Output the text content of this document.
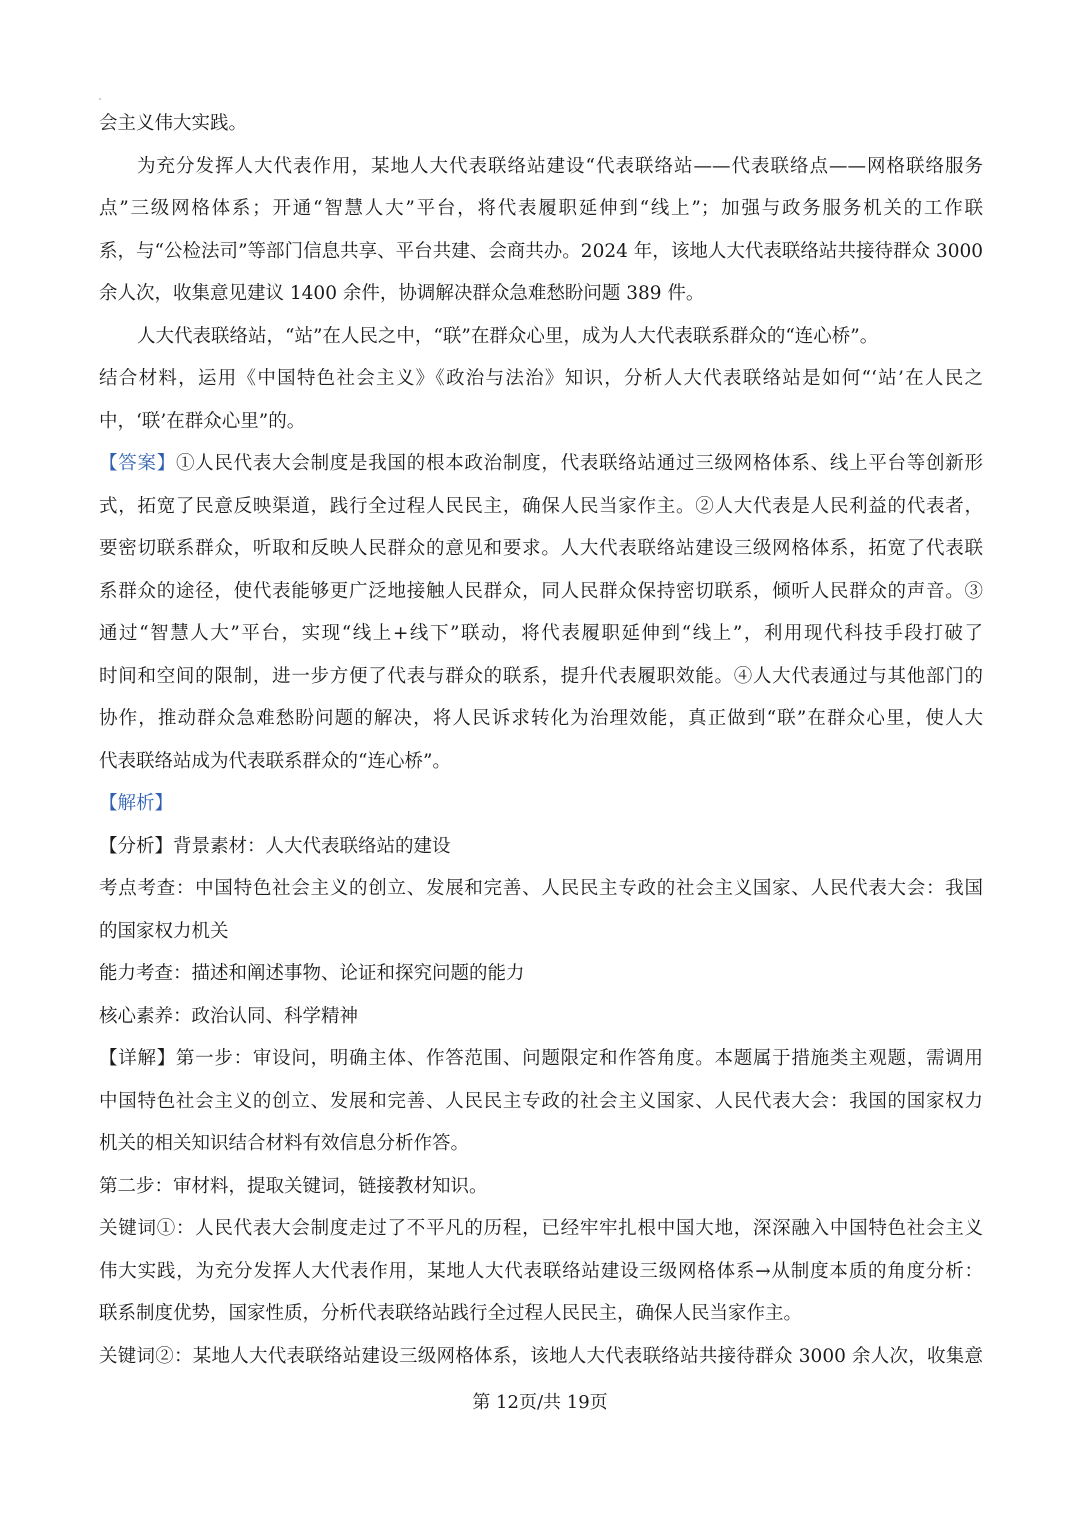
会主义伟大实践。
为充分发挥人大代表作用，某地人大代表联络站建设“代表联络站——代表联络点——网格联络服务
点”三级网格体系；开通“智慧人大”平台，将代表履职延伸到“线上”；加强与政务服务机关的工作联
系，与“公检法司”等部门信息共享、平台共建、会商共办。2024 年，该地人大代表联络站共接待群众 3000
余人次，收集意见建议 1400 余件，协调解决群众急难愁盼问题 389 件。
人大代表联络站，“站”在人民之中，“联”在群众心里，成为人大代表联系群众的“连心桥”。
结合材料，运用《中国特色社会主义》《政治与法治》知识，分析人大代表联络站是如何“‘站’在人民之
中，‘联’在群众心里”的。
【答案】①人民代表大会制度是我国的根本政治制度，代表联络站通过三级网格体系、线上平台等创新形
式，拓宽了民意反映渠道，践行全过程人民民主，确保人民当家作主。②人大代表是人民利益的代表者，
要密切联系群众，听取和反映人民群众的意见和要求。人大代表联络站建设三级网格体系，拓宽了代表联
系群众的途径，使代表能够更广泛地接触人民群众，同人民群众保持密切联系，倾听人民群众的声音。③
通过“智慧人大”平台，实现“线上+线下”联动，将代表履职延伸到“线上”，利用现代科技手段打破了
时间和空间的限制，进一步方便了代表与群众的联系，提升代表履职效能。④人大代表通过与其他部门的
协作，推动群众急难愁盼问题的解决，将人民诉求转化为治理效能，真正做到“联”在群众心里，使人大
代表联络站成为代表联系群众的“连心桥”。
【解析】
【分析】背景素材：人大代表联络站的建设
考点考查：中国特色社会主义的创立、发展和完善、人民民主专政的社会主义国家、人民代表大会：我国
的国家权力机关
能力考查：描述和阐述事物、论证和探究问题的能力
核心素养：政治认同、科学精神
【详解】第一步：审设问，明确主体、作答范围、问题限定和作答角度。本题属于措施类主观题，需调用
中国特色社会主义的创立、发展和完善、人民民主专政的社会主义国家、人民代表大会：我国的国家权力
机关的相关知识结合材料有效信息分析作答。
第二步：审材料，提取关键词，链接教材知识。
关键词①：人民代表大会制度走过了不平凡的历程，已经牢牢扎根中国大地，深深融入中国特色社会主义
伟大实践，为充分发挥人大代表作用，某地人大代表联络站建设三级网格体系→从制度本质的角度分析：
联系制度优势，国家性质，分析代表联络站践行全过程人民民主，确保人民当家作主。
关键词②：某地人大代表联络站建设三级网格体系，该地人大代表联络站共接待群众 3000 余人次，收集意
第 12页/共 19页
